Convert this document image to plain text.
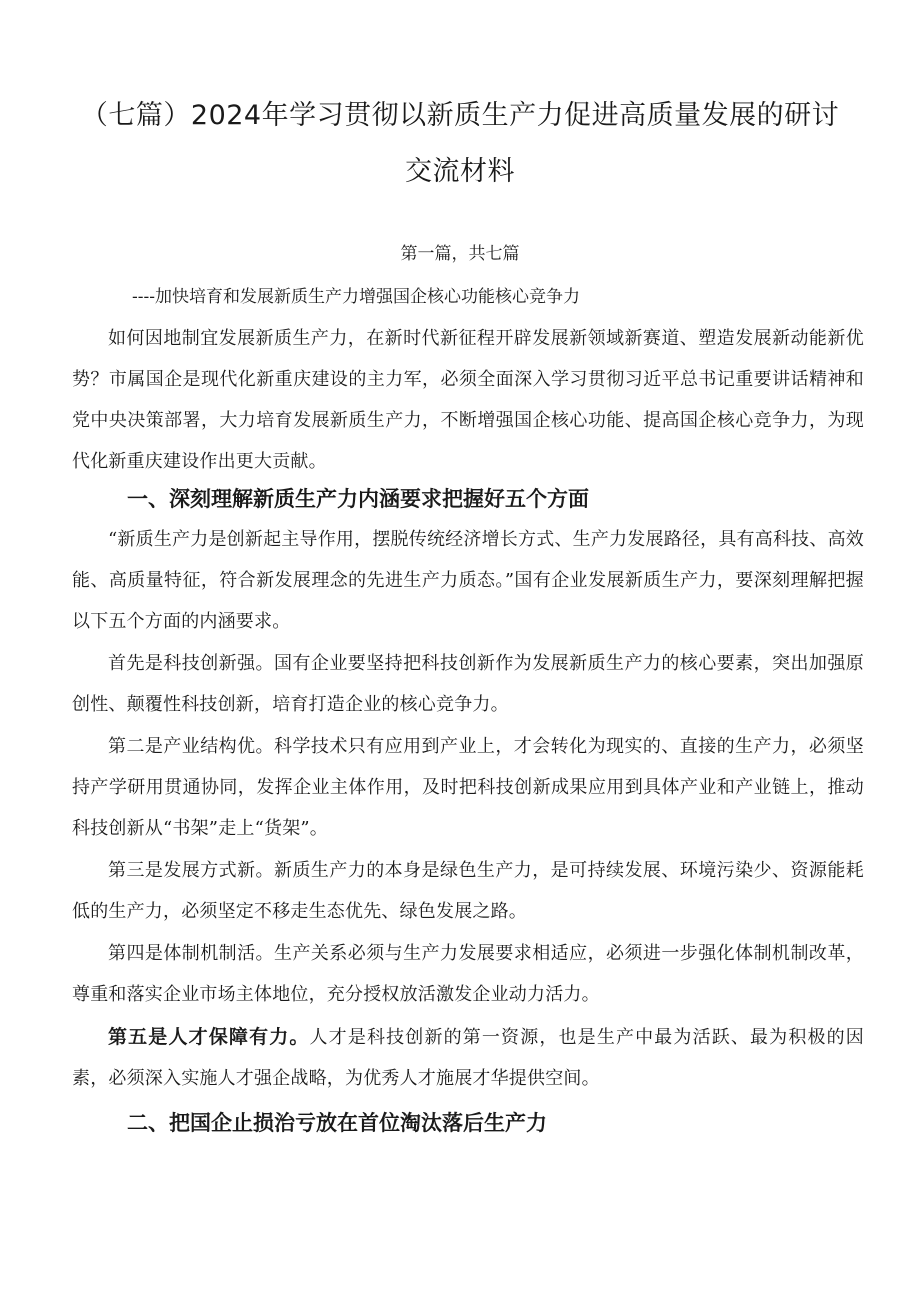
（七篇）2024年学习贯彻以新质生产力促进高质量发展的研讨
交流材料
第一篇，共七篇
----加快培育和发展新质生产力增强国企核心功能核心竞争力

如何因地制宜发展新质生产力，在新时代新征程开辟发展新领域新赛道、塑造发展新动能新优势？市属国企是现代化新重庆建设的主力军，必须全面深入学习贯彻习近平总书记重要讲话精神和党中央决策部署，大力培育发展新质生产力，不断增强国企核心功能、提高国企核心竞争力，为现代化新重庆建设作出更大贡献。

一、深刻理解新质生产力内涵要求把握好五个方面

“新质生产力是创新起主导作用，摆脱传统经济增长方式、生产力发展路径，具有高科技、高效能、高质量特征，符合新发展理念的先进生产力质态。”国有企业发展新质生产力，要深刻理解把握以下五个方面的内涵要求。

首先是科技创新强。国有企业要坚持把科技创新作为发展新质生产力的核心要素，突出加强原创性、颠覆性科技创新，培育打造企业的核心竞争力。

第二是产业结构优。科学技术只有应用到产业上，才会转化为现实的、直接的生产力，必须坚持产学研用贯通协同，发挥企业主体作用，及时把科技创新成果应用到具体产业和产业链上，推动科技创新从“书架”走上“货架”。

第三是发展方式新。新质生产力的本身是绿色生产力，是可持续发展、环境污染少、资源能耗低的生产力，必须坚定不移走生态优先、绿色发展之路。

第四是体制机制活。生产关系必须与生产力发展要求相适应，必须进一步强化体制机制改革，尊重和落实企业市场主体地位，充分授权放活激发企业动力活力。

第五是人才保障有力。人才是科技创新的第一资源，也是生产中最为活跃、最为积极的因素，必须深入实施人才强企战略，为优秀人才施展才华提供空间。

二、把国企止损治亏放在首位淘汰落后生产力
